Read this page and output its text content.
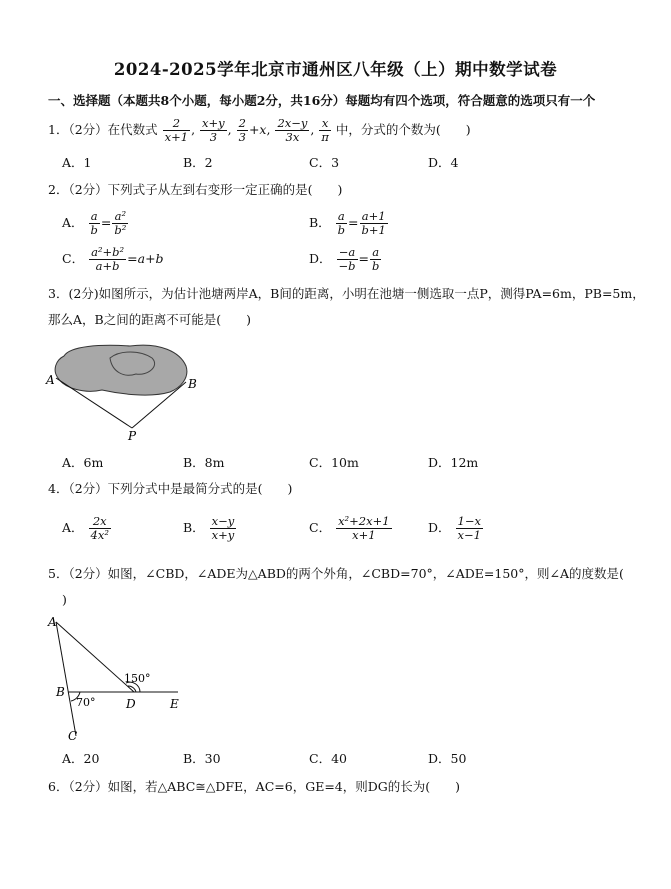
2024-2025学年北京市通州区八年级（上）期中数学试卷
一、选择题（本题共8个小题，每小题2分，共16分）每题均有四个选项，符合题意的选项只有一个
1．（2分）在代数式 $\frac{2}{x+1}$ , $\frac{x+y}{3}$ , $\frac{2}{3} +x$, $\frac{2x-y}{3x}$ , $\frac{x}{\pi}$ 中，分式的个数为(　　)
A．1	B．2	C．3	D．4
2．（2分）下列式子从左到右变形一定正确的是(　　)
A． $\frac{a}{b} = \frac{\text{a²}}{\text{b²}}$	B． $\frac{a}{b} = \frac{a+1}{b+1}$
C． $\frac{\text{a²+b²}}{a+b} =a+b$	D． $\frac{-a}{-b} = \frac{a}{b}$
3．(2分)如图所示，为估计池塘两岸A，B间的距离，小明在池塘一侧选取一点P，测得PA=6m，PB=5m，
那么A，B之间的距离不可能是(　　)
A	B
P
A．6m	B．8m	C．10m	D．12m
4．（2分）下列分式中是最简分式的是(　　)
A． $\frac{2x}{\text{4x²}}$	B． $\frac{x-y}{x+y}$	C． $\frac{\text{x²+2x+1}}{x+1}$	D． $\frac{1-x}{x-1}$
5．（2分）如图，∠CBD，∠ADE为△ABD的两个外角，∠CBD=70°，∠ADE=150°，则∠A的度数是(
)
A
B
C
D	E
70°
150°
A．20	B．30	C．40	D．50
6．（2分）如图，若△ABC≅△DFE，AC=6，GE=4，则DG的长为(　　)
